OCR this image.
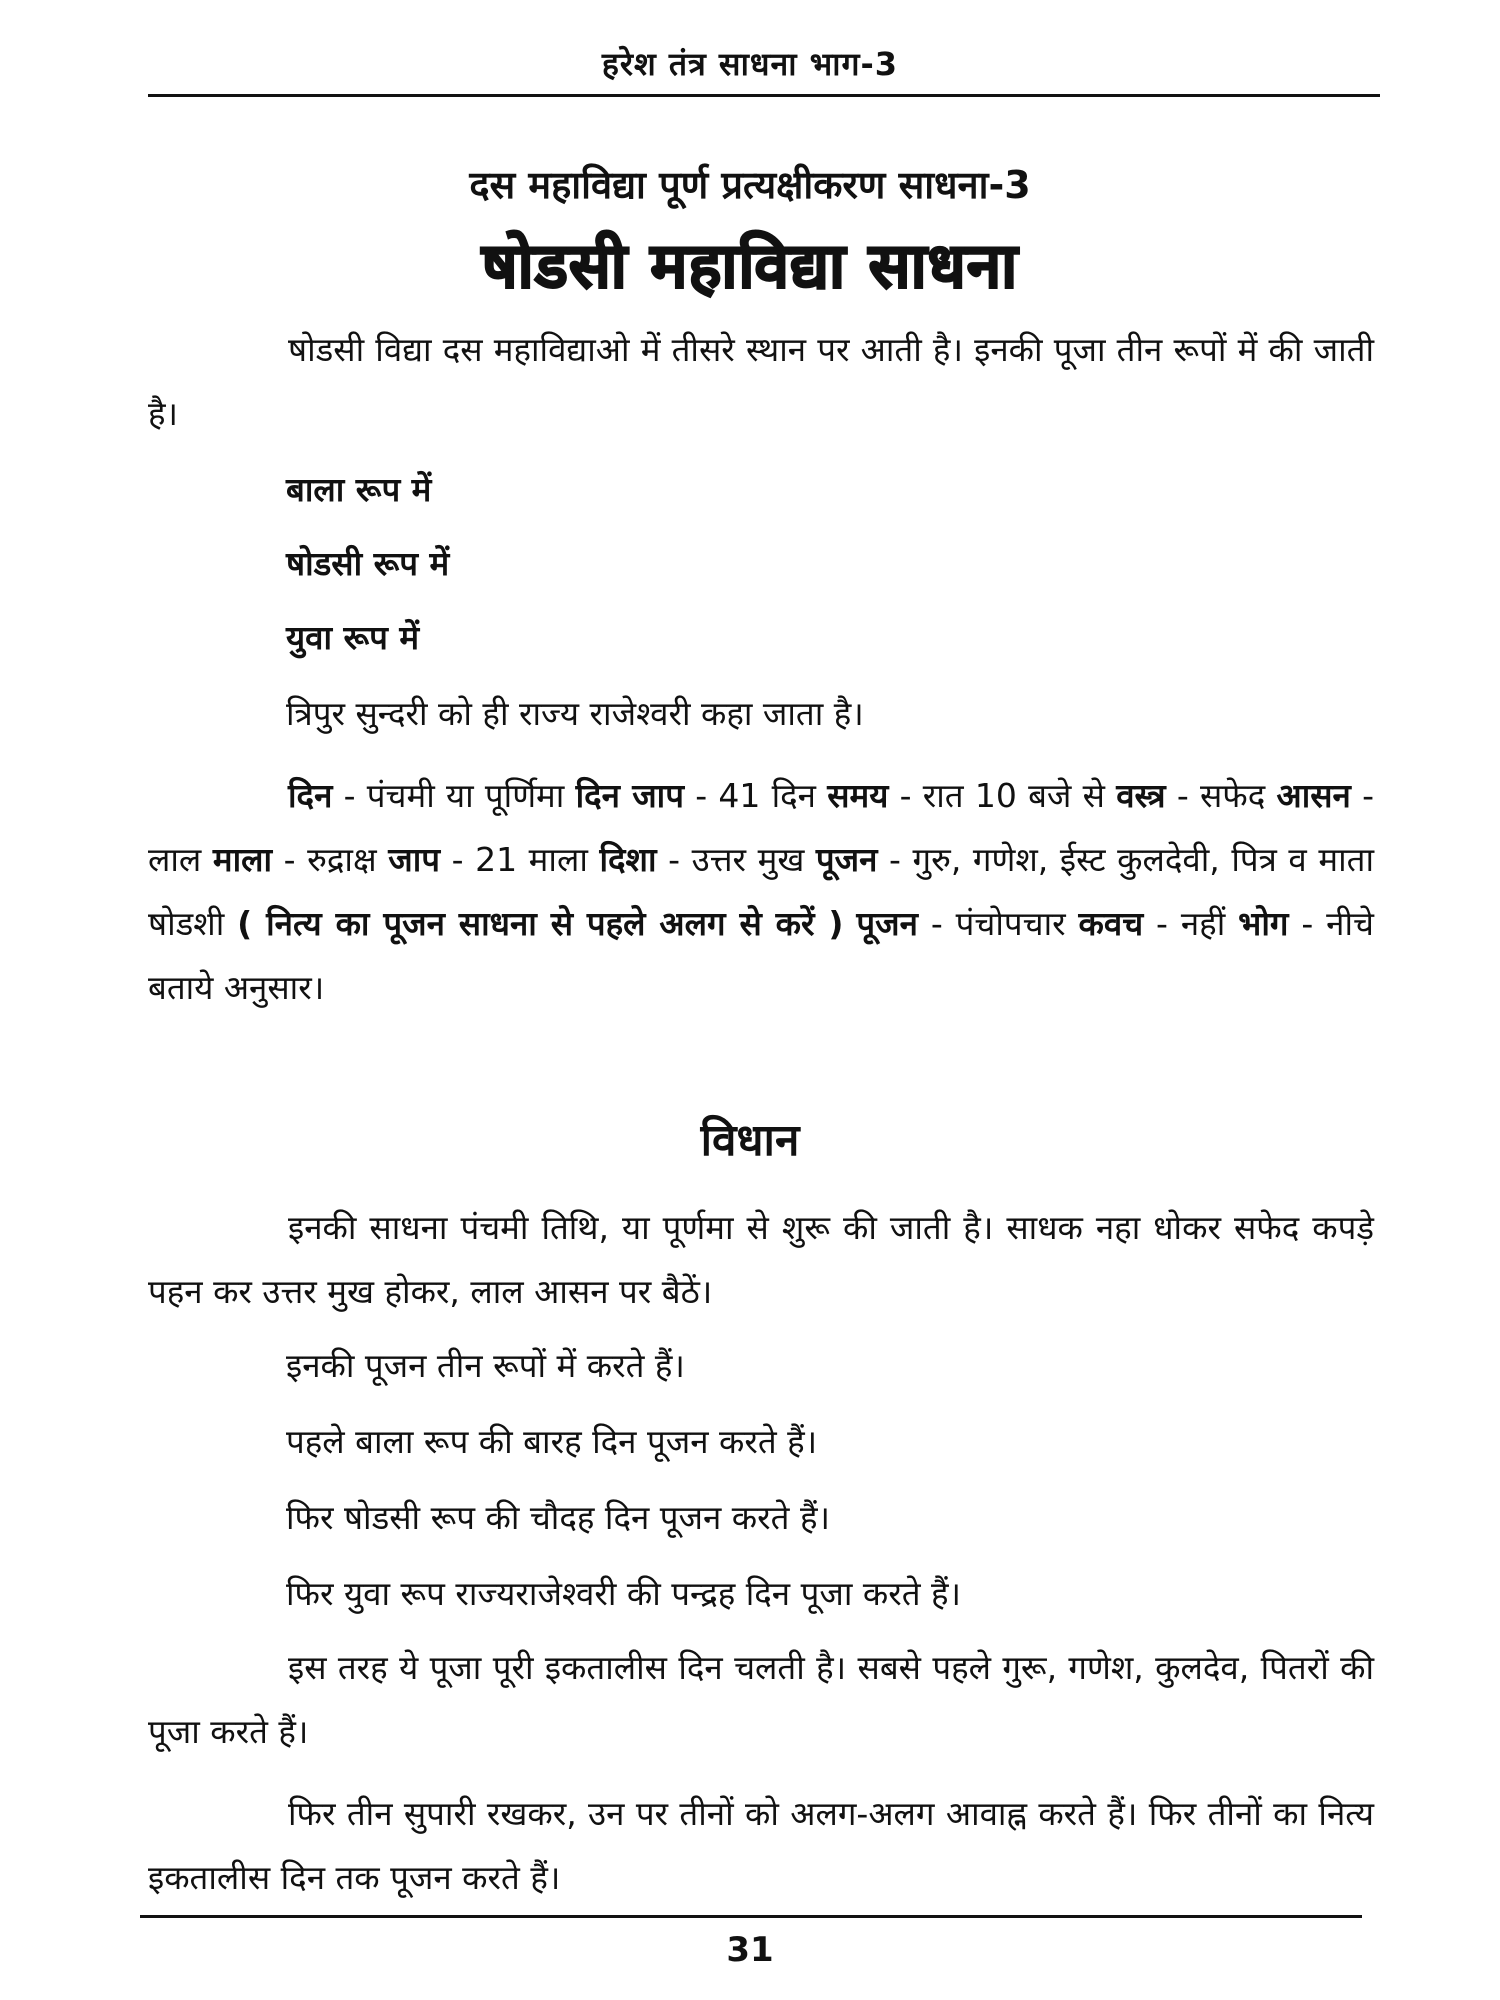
हरेश तंत्र साधना भाग-3
दस महाविद्या पूर्ण प्रत्यक्षीकरण साधना-3
षोडसी महाविद्या साधना

षोडसी विद्या दस महाविद्याओ में तीसरे स्थान पर आती है। इनकी पूजा तीन रूपों में की जाती है।

बाला रूप में
षोडसी रूप में
युवा रूप में
त्रिपुर सुन्दरी को ही राज्य राजेश्वरी कहा जाता है।

दिन - पंचमी या पूर्णिमा दिन जाप - 41 दिन समय - रात 10 बजे से वस्त्र - सफेद आसन - लाल माला - रुद्राक्ष जाप - 21 माला दिशा - उत्तर मुख पूजन - गुरु, गणेश, ईस्ट कुलदेवी, पित्र व माता षोडशी ( नित्य का पूजन साधना से पहले अलग से करें ) पूजन - पंचोपचार कवच - नहीं भोग - नीचे बताये अनुसार।

विधान

इनकी साधना पंचमी तिथि, या पूर्णमा से शुरू की जाती है। साधक नहा धोकर सफेद कपड़े पहन कर उत्तर मुख होकर, लाल आसन पर बैठें।

इनकी पूजन तीन रूपों में करते हैं।
पहले बाला रूप की बारह दिन पूजन करते हैं।
फिर षोडसी रूप की चौदह दिन पूजन करते हैं।
फिर युवा रूप राज्यराजेश्वरी की पन्द्रह दिन पूजा करते हैं।

इस तरह ये पूजा पूरी इकतालीस दिन चलती है। सबसे पहले गुरू, गणेश, कुलदेव, पितरों की पूजा करते हैं।

फिर तीन सुपारी रखकर, उन पर तीनों को अलग-अलग आवाह्न करते हैं। फिर तीनों का नित्य इकतालीस दिन तक पूजन करते हैं।

31
